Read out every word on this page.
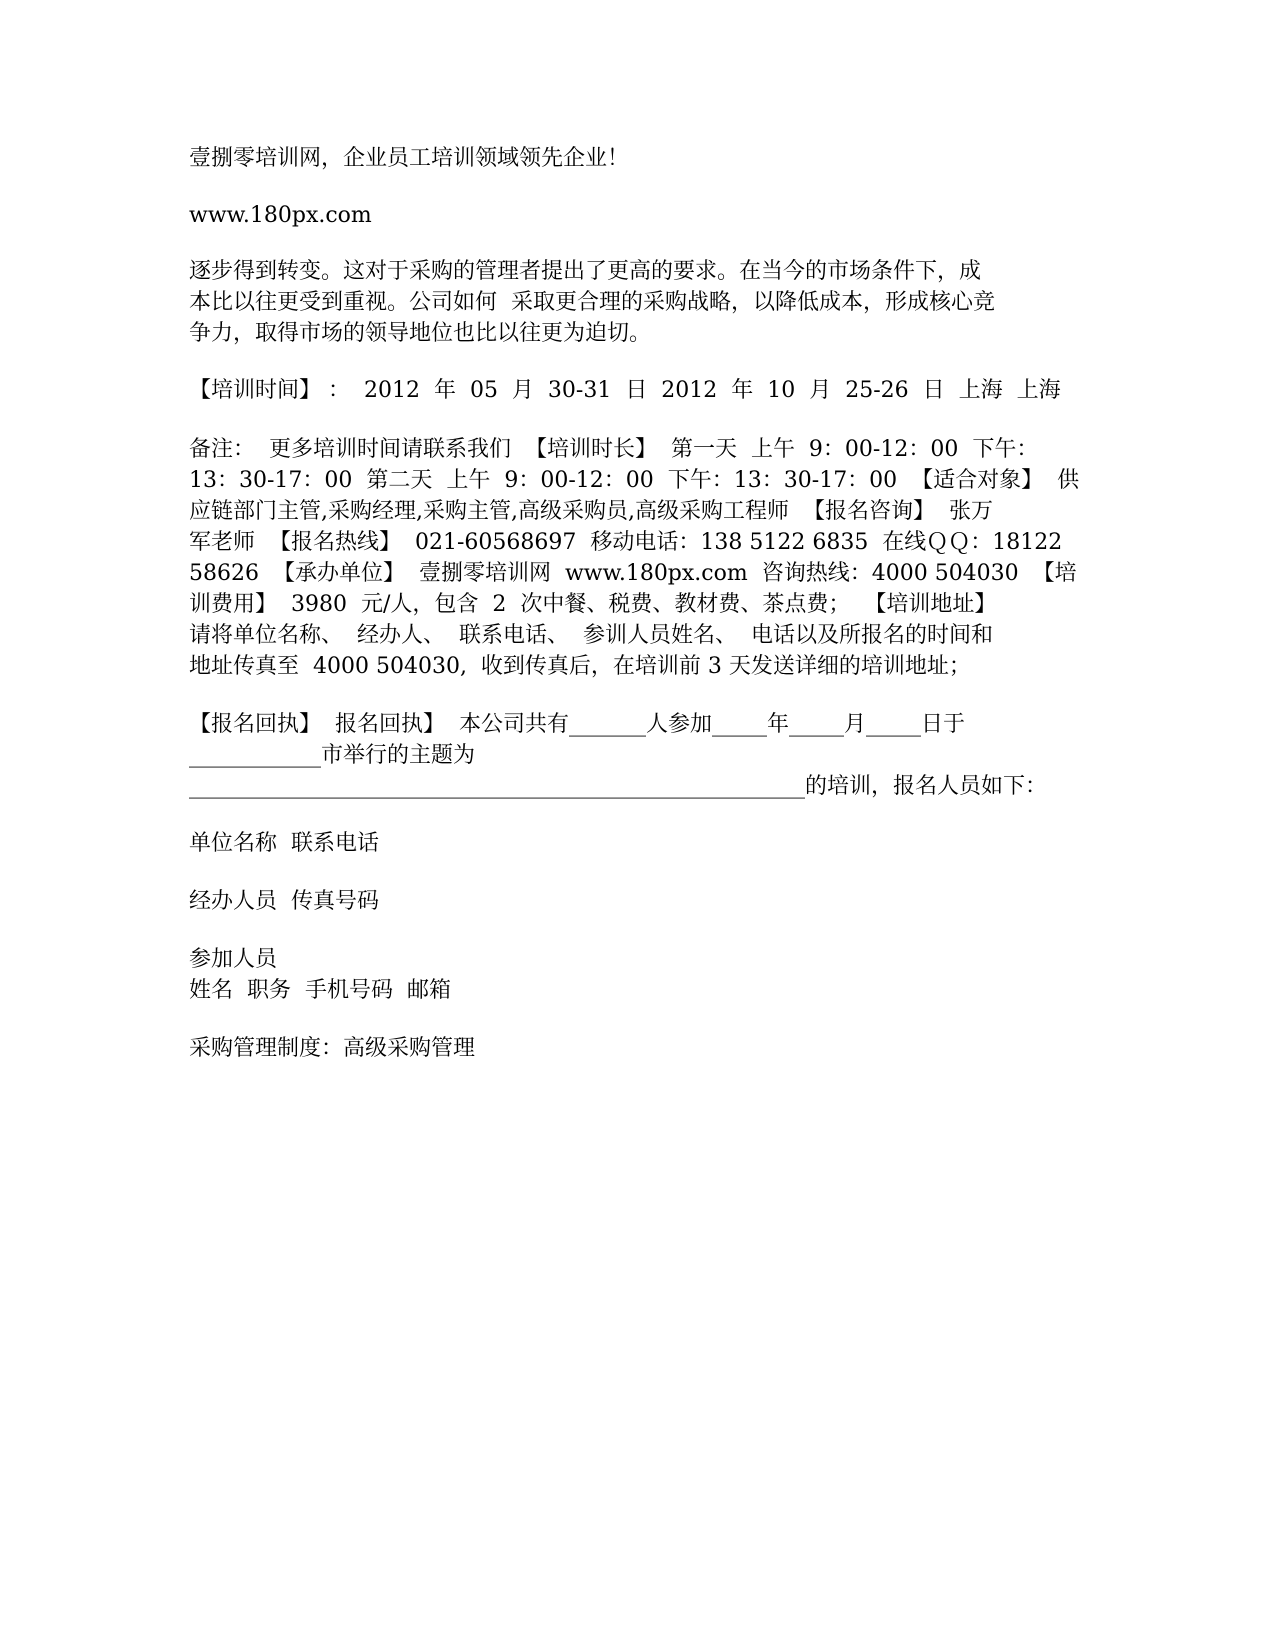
壹捌零培训网，企业员工培训领域领先企业！
www.180px.com
逐步得到转变。这对于采购的管理者提出了更高的要求。在当今的市场条件下，成
本比以往更受到重视。公司如何  采取更合理的采购战略，以降低成本，形成核心竞
争力，取得市场的领导地位也比以往更为迫切。
【培训时间】 ：  2012  年  05  月  30-31  日  2012  年  10  月  25-26  日  上海  上海
备注：  更多培训时间请联系我们  【培训时长】  第一天  上午  9：00-12：00  下午：
13：30-17：00  第二天  上午  9：00-12：00  下午：13：30-17：00  【适合对象】  供
应链部门主管,采购经理,采购主管,高级采购员,高级采购工程师  【报名咨询】  张万
军老师  【报名热线】  021-60568697  移动电话：138 5122 6835  在线ＱＱ：18122
58626  【承办单位】  壹捌零培训网  www.180px.com  咨询热线：4000 504030  【培
训费用】  3980  元/人，包含  2  次中餐、税费、教材费、茶点费；  【培训地址】
请将单位名称、  经办人、  联系电话、  参训人员姓名、  电话以及所报名的时间和
地址传真至  4000 504030,  收到传真后，在培训前 3 天发送详细的培训地址；
【报名回执】  报名回执】  本公司共有_______人参加_____年_____月_____日于
____________市举行的主题为
________________________________________________________的培训，报名人员如下：
单位名称  联系电话
经办人员  传真号码
参加人员
姓名  职务  手机号码  邮箱
采购管理制度：高级采购管理
